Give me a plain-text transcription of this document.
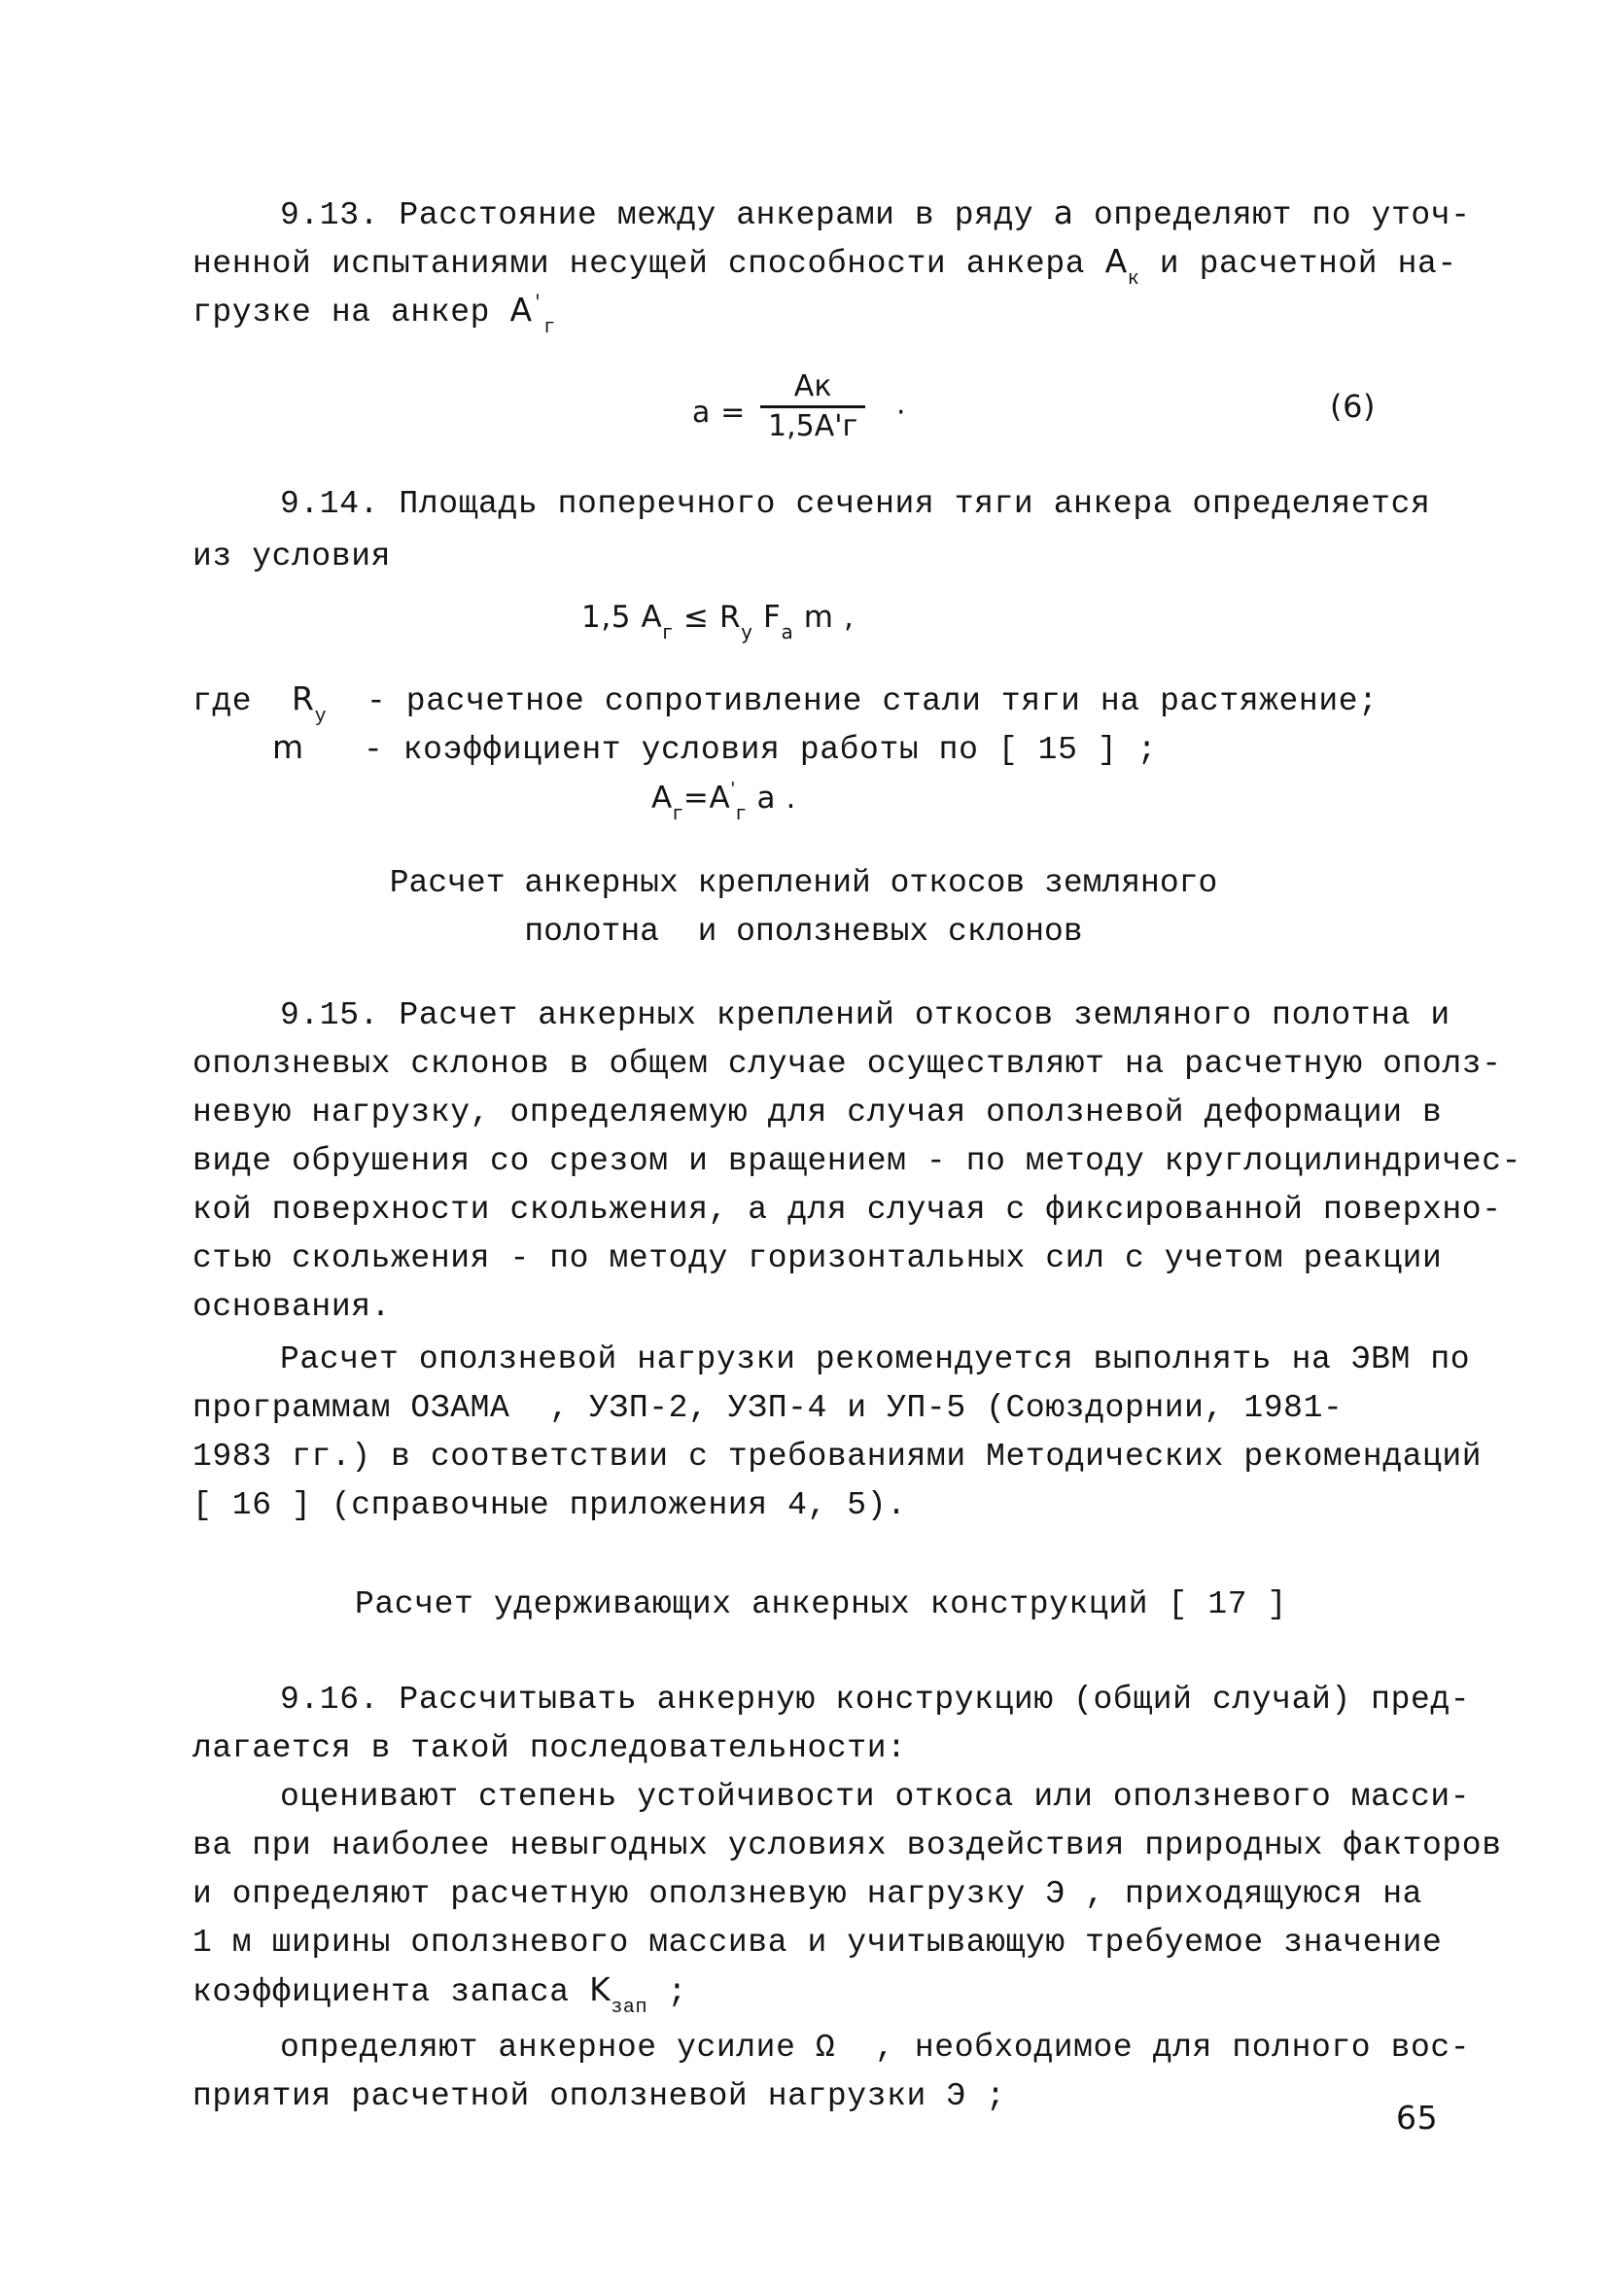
9.13. Расстояние между анкерами в ряду a определяют по уточ-
ненной испытаниями несущей способности анкера $A_к$ и расчетной на-
грузке на анкер $A'_г$
a =
Aк
1,5A'г ·	(6)
9.14. Площадь поперечного сечения тяги анкера определяется
из условия
1,5 $A_г \le R_y$ $F_a$ m ,
где $R_y$ - расчетное сопротивление стали тяги на растяжение;
m - коэффициент условия работы по [ 15 ] ;
$A_г=A'_г$ a .
Расчет анкерных креплений откосов земляного
полотна  и оползневых склонов
9.15. Расчет анкерных креплений откосов земляного полотна и
оползневых склонов в общем случае осуществляют на расчетную ополз-
невую нагрузку, определяемую для случая оползневой деформации в
виде обрушения со срезом и вращением - по методу круглоцилиндричес-
кой поверхности скольжения, а для случая с фиксированной поверхно-
стью скольжения - по методу горизонтальных сил с учетом реакции
основания.
Расчет оползневой нагрузки рекомендуется выполнять на ЭВМ по
программам ОЗАМА  , УЗП-2, УЗП-4 и УП-5 (Союздорнии, 1981-
1983 гг.) в соответствии с требованиями Методических рекомендаций
[ 16 ] (справочные приложения 4, 5).
Расчет удерживающих анкерных конструкций [ 17 ]
9.16. Рассчитывать анкерную конструкцию (общий случай) пред-
лагается в такой последовательности:
оценивают степень устойчивости откоса или оползневого масси-
ва при наиболее невыгодных условиях воздействия природных факторов
и определяют расчетную оползневую нагрузку Э , приходящуюся на
1 м ширины оползневого массива и учитывающую требуемое значение
коэффициента запаса $K_{зап}$ ;
определяют анкерное усилие Ω  , необходимое для полного вос-
приятия расчетной оползневой нагрузки Э ;
65
